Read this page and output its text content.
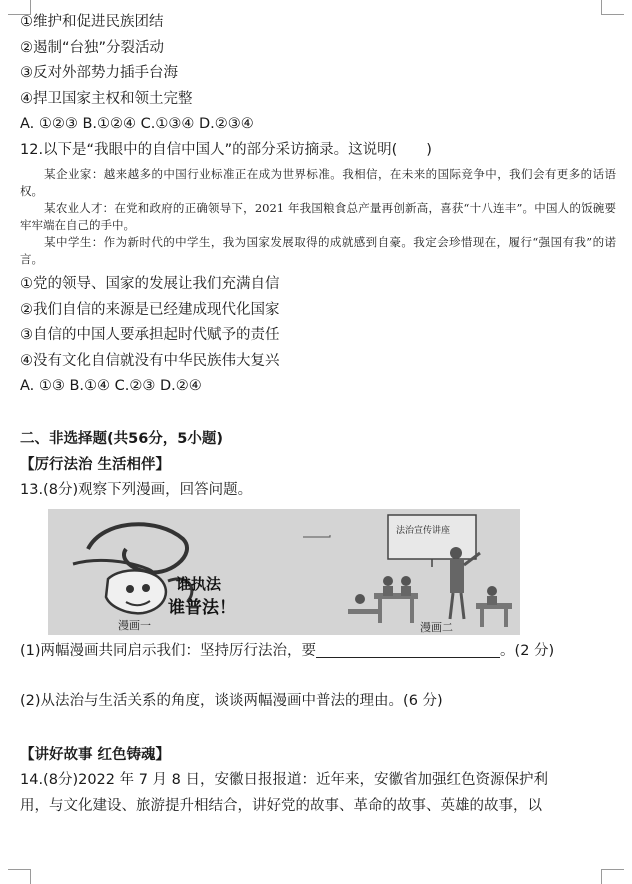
①维护和促进民族团结
②遏制“台独”分裂活动
③反对外部势力插手台海
④捍卫国家主权和领土完整
A. ①②③ B.①②④ C.①③④ D.②③④
12.以下是“我眼中的自信中国人”的部分采访摘录。这说明(　　)

某企业家：越来越多的中国行业标准正在成为世界标准。我相信，在未来的国际竞争中，我们会有更多的话语权。

某农业人才：在党和政府的正确领导下，2021 年我国粮食总产量再创新高，喜获“十八连丰”。中国人的饭碗要牢牢端在自己的手中。

某中学生：作为新时代的中学生，我为国家发展取得的成就感到自豪。我定会珍惜现在，履行“强国有我”的诺言。

①党的领导、国家的发展让我们充满自信
②我们自信的来源是已经建成现代化国家
③自信的中国人要承担起时代赋予的责任
④没有文化自信就没有中华民族伟大复兴
A. ①③ B.①④ C.②③ D.②④
二、非选择题(共56分，5小题)
【厉行法治 生活相伴】
13.(8分)观察下列漫画，回答问题。
谁执法
谁普法！
漫画一
法治宣传讲座
漫画二
(1)两幅漫画共同启示我们：坚持厉行法治，要	。(2 分)
(2)从法治与生活关系的角度，谈谈两幅漫画中普法的理由。(6 分)
【讲好故事 红色铸魂】
14.(8分)2022 年 7 月 8 日，安徽日报报道：近年来，安徽省加强红色资源保护利
用，与文化建设、旅游提升相结合，讲好党的故事、革命的故事、英雄的故事，以
